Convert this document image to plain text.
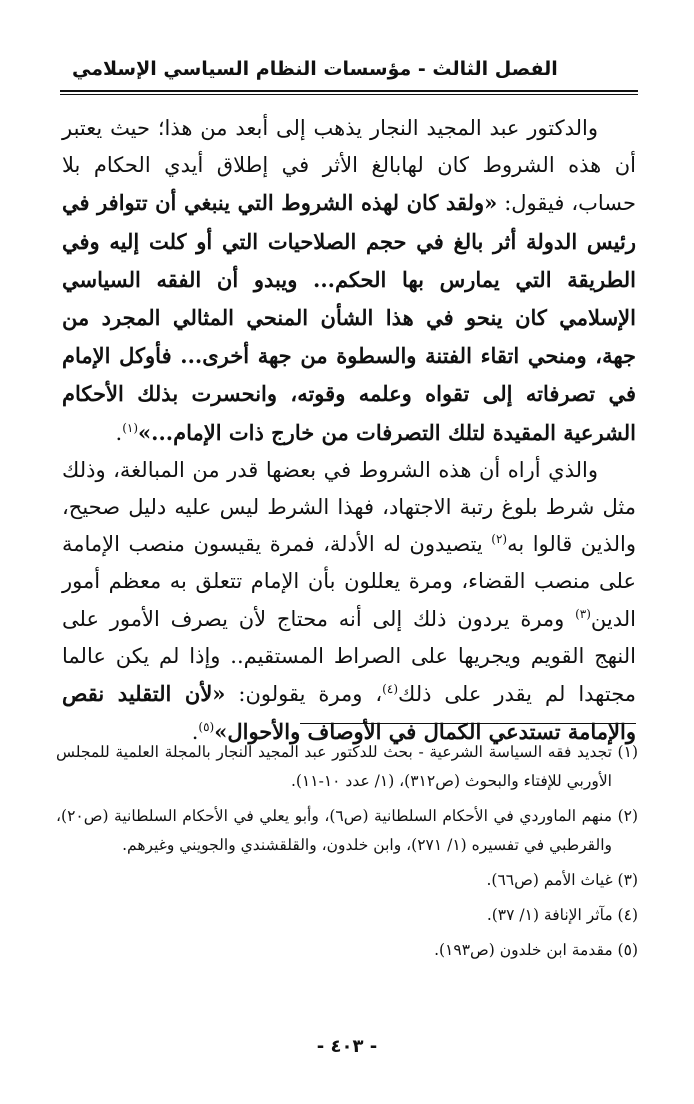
الفصل الثالث - مؤسسات النظام السياسي الإسلامي

والدكتور عبد المجيد النجار يذهب إلى أبعد من هذا؛ حيث يعتبر أن هذه الشروط كان لهابالغ الأثر في إطلاق أيدي الحكام بلا حساب، فيقول: «ولقد كان لهذه الشروط التي ينبغي أن تتوافر في رئيس الدولة أثر بالغ في حجم الصلاحيات التي أو كلت إليه وفي الطريقة التي يمارس بها الحكم... ويبدو أن الفقه السياسي الإسلامي كان ينحو في هذا الشأن المنحي المثالي المجرد من جهة، ومنحي اتقاء الفتنة والسطوة من جهة أخرى... فأوكل الإمام في تصرفاته إلى تقواه وعلمه وقوته، وانحسرت بذلك الأحكام الشرعية المقيدة لتلك التصرفات من خارج ذات الإمام...»$^{(١)}$.

والذي أراه أن هذه الشروط في بعضها قدر من المبالغة، وذلك مثل شرط بلوغ رتبة الاجتهاد، فهذا الشرط ليس عليه دليل صحيح، والذين قالوا به$^{(٢)}$ يتصيدون له الأدلة، فمرة يقيسون منصب الإمامة على منصب القضاء، ومرة يعللون بأن الإمام تتعلق به معظم أمور الدين$^{(٣)}$ ومرة يردون ذلك إلى أنه محتاج لأن يصرف الأمور على النهج القويم ويجريها على الصراط المستقيم.. وإذا لم يكن عالما مجتهدا لم يقدر على ذلك$^{(٤)}$، ومرة يقولون: «لأن التقليد نقص والإمامة تستدعي الكمال في الأوصاف والأحوال»$^{(٥)}$.

(١) تجديد فقه السياسة الشرعية - بحث للدكتور عبد المجيد النجار بالمجلة العلمية للمجلس الأوربي للإفتاء والبحوث (ص٣١٢)، (١/ عدد ١٠-١١).

(٢) منهم الماوردي في الأحكام السلطانية (ص٦)، وأبو يعلي في الأحكام السلطانية (ص٢٠)، والقرطبي في تفسيره (١/ ٢٧١)، وابن خلدون، والقلقشندي والجويني وغيرهم.

(٣) غياث الأمم (ص٦٦).

(٤) مآثر الإنافة (١/ ٣٧).

(٥) مقدمة ابن خلدون (ص١٩٣).

- ٤٠٣ -
